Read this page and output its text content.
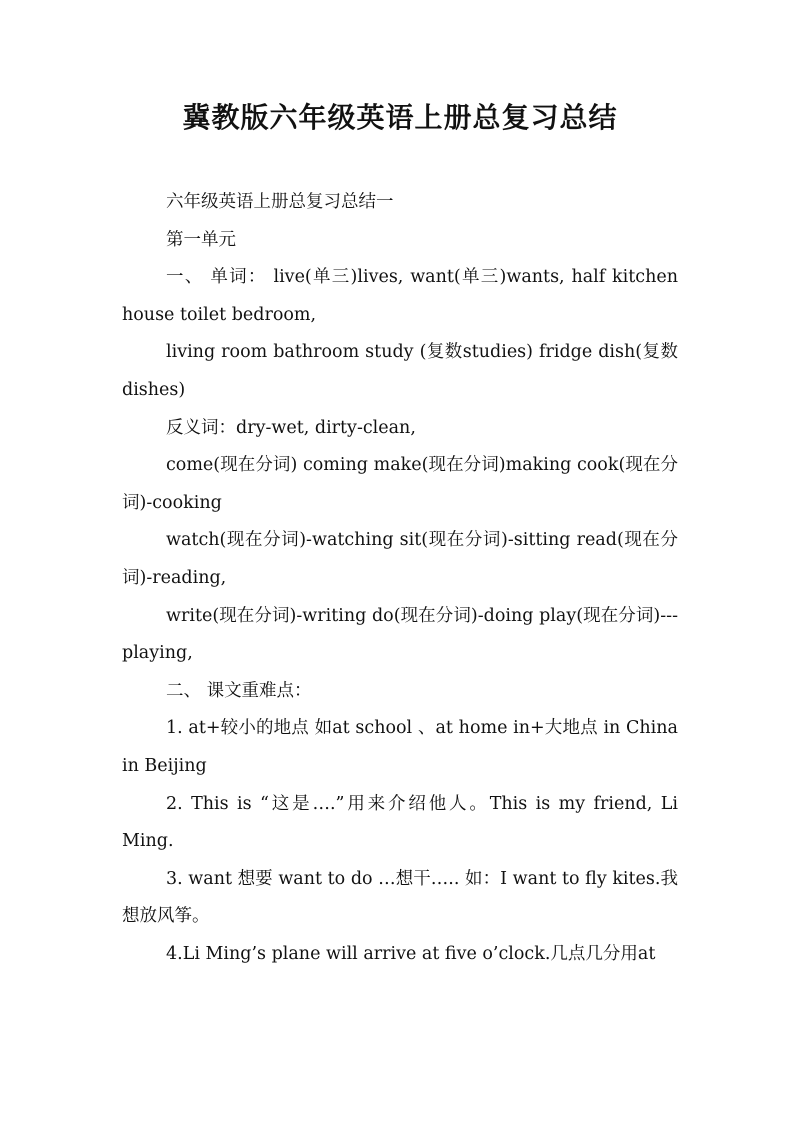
冀教版六年级英语上册总复习总结

六年级英语上册总复习总结一

第一单元

一、 单词： live(单三)lives, want(单三)wants, half kitchen house toilet bedroom,

living room bathroom study (复数studies) fridge dish(复数dishes)

反义词：dry-wet, dirty-clean,

come(现在分词) coming make(现在分词)making cook(现在分词)-cooking

watch(现在分词)-watching sit(现在分词)-sitting read(现在分词)-reading,

write(现在分词)-writing do(现在分词)-doing play(现在分词)---playing,

二、 课文重难点：

1. at+较小的地点 如at school 、at home in+大地点 in China in Beijing

2. This is “这是….”用来介绍他人。This is my friend, Li Ming.

3. want 想要 want to do …想干….. 如：I want to fly kites.我想放风筝。

4.Li Ming’s plane will arrive at five o’clock.几点几分用at
